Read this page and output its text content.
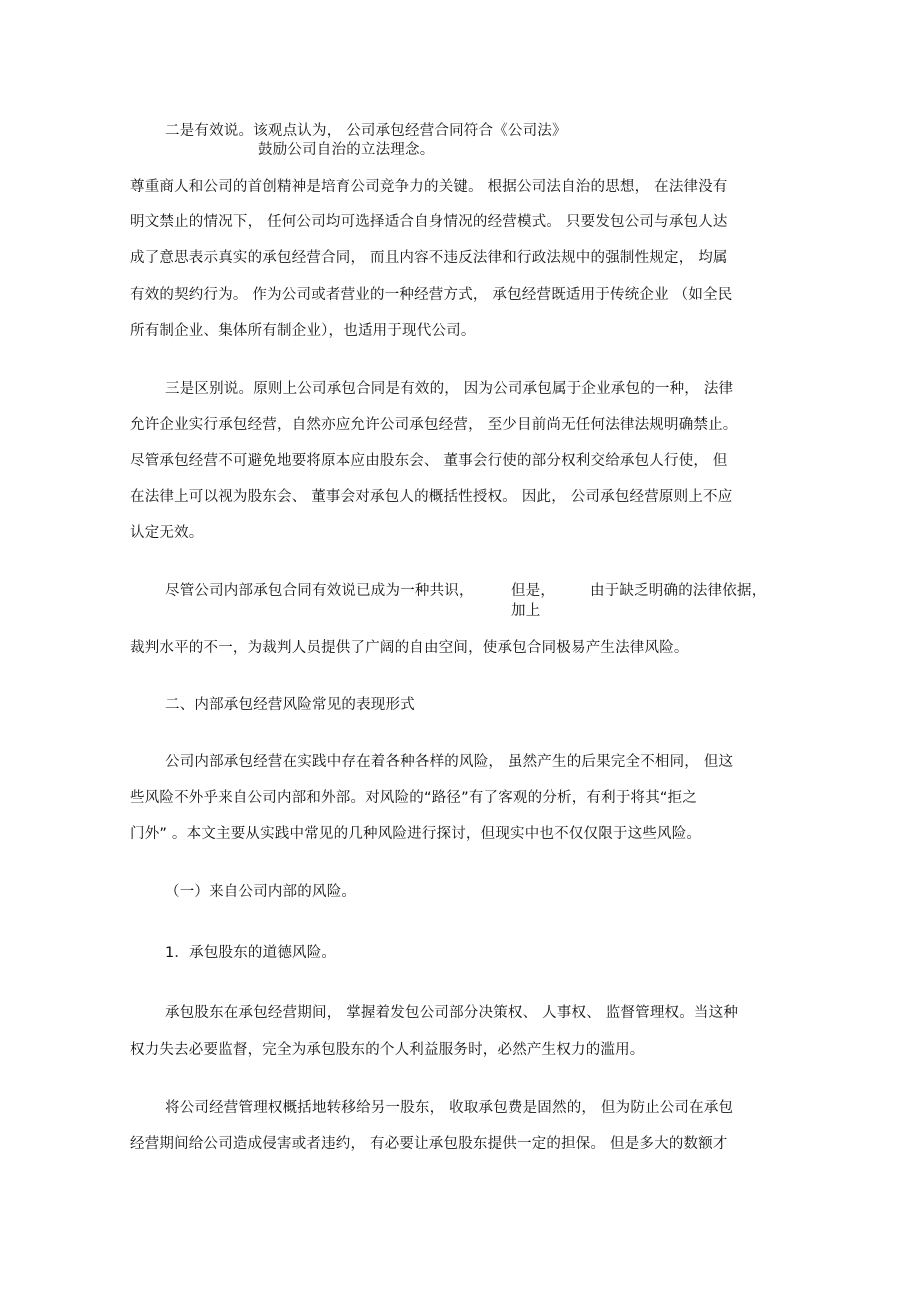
二是有效说。该观点认为， 公司承包经营合同符合《公司法》
鼓励公司自治的立法理念。
尊重商人和公司的首创精神是培育公司竞争力的关键。 根据公司法自治的思想， 在法律没有
明文禁止的情况下， 任何公司均可选择适合自身情况的经营模式。 只要发包公司与承包人达
成了意思表示真实的承包经营合同， 而且内容不违反法律和行政法规中的强制性规定， 均属
有效的契约行为。 作为公司或者营业的一种经营方式， 承包经营既适用于传统企业 （如全民
所有制企业、集体所有制企业），也适用于现代公司。
三是区别说。原则上公司承包合同是有效的， 因为公司承包属于企业承包的一种， 法律
允许企业实行承包经营，自然亦应允许公司承包经营， 至少目前尚无任何法律法规明确禁止。
尽管承包经营不可避免地要将原本应由股东会、 董事会行使的部分权利交给承包人行使， 但
在法律上可以视为股东会、 董事会对承包人的概括性授权。 因此， 公司承包经营原则上不应
认定无效。
尽管公司内部承包合同有效说已成为一种共识，	但是， 由于缺乏明确的法律依据，
加上
裁判水平的不一，为裁判人员提供了广阔的自由空间，使承包合同极易产生法律风险。
二、内部承包经营风险常见的表现形式
公司内部承包经营在实践中存在着各种各样的风险， 虽然产生的后果完全不相同， 但这
些风险不外乎来自公司内部和外部。对风险的“路径”有了客观的分析，有利于将其“拒之
门外” 。本文主要从实践中常见的几种风险进行探讨，但现实中也不仅仅限于这些风险。
（一）来自公司内部的风险。
1．承包股东的道德风险。
承包股东在承包经营期间， 掌握着发包公司部分决策权、 人事权、 监督管理权。当这种
权力失去必要监督，完全为承包股东的个人利益服务时，必然产生权力的滥用。
将公司经营管理权概括地转移给另一股东， 收取承包费是固然的， 但为防止公司在承包
经营期间给公司造成侵害或者违约， 有必要让承包股东提供一定的担保。 但是多大的数额才
